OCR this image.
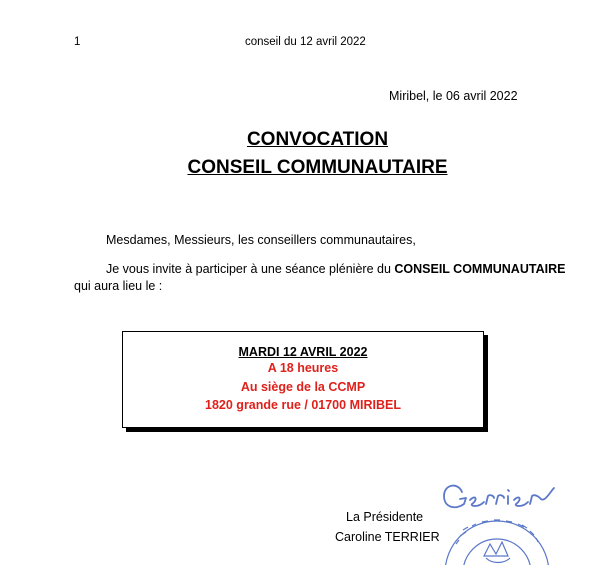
1	conseil du 12 avril 2022
Miribel, le 06 avril 2022
CONVOCATION
CONSEIL COMMUNAUTAIRE
Mesdames, Messieurs, les conseillers communautaires,
Je vous invite à participer à une séance plénière du CONSEIL COMMUNAUTAIRE
qui aura lieu le :
MARDI 12 AVRIL 2022
A 18 heures
Au siège de la CCMP
1820 grande rue / 01700 MIRIBEL
La Présidente
Caroline TERRIER
